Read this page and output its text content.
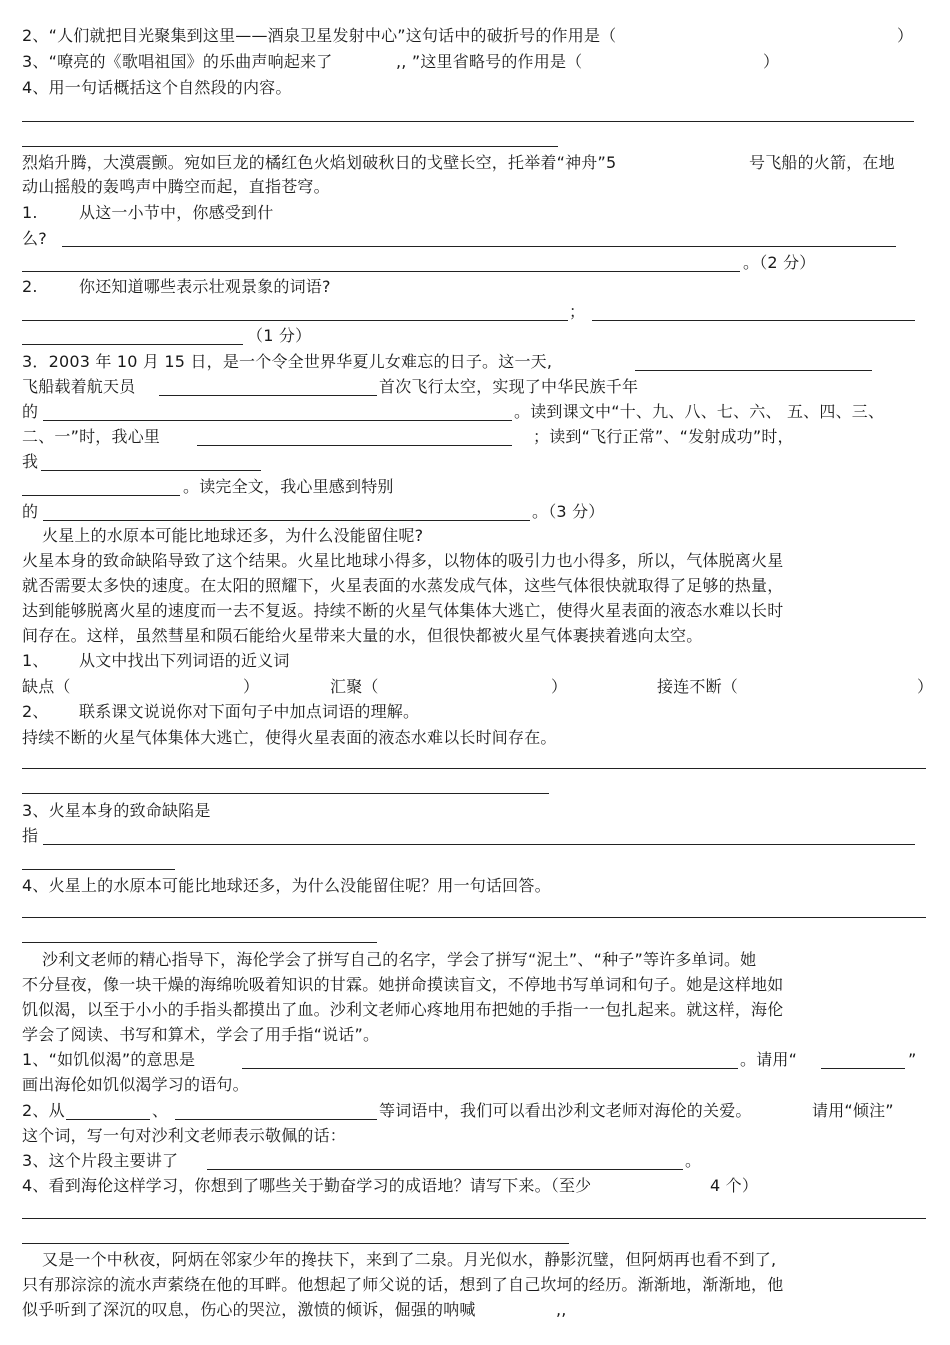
2、“人们就把目光聚集到这里——酒泉卫星发射中心”这句话中的破折号的作用是（	）
3、“嘹亮的《歌唱祖国》的乐曲声响起来了	,, ”这里省略号的作用是（	）
4、用一句话概括这个自然段的内容。
烈焰升腾，大漠震颤。宛如巨龙的橘红色火焰划破秋日的戈壁长空，托举着“神舟”5	号飞船的火箭，在地
动山摇般的轰鸣声中腾空而起，直指苍穹。
1.	从这一小节中，你感受到什
么?
。（2 分）
2.	你还知道哪些表示壮观景象的词语?
；
（1 分）
3．2003 年 10 月 15 日，是一个令全世界华夏儿女难忘的日子。这一天,
飞船载着航天员	首次飞行太空，实现了中华民族千年
的	。读到课文中“十、九、八、七、六、 五、四、三、
二、一”时，我心里	；读到“飞行正常”、“发射成功”时，
我
。读完全文，我心里感到特别
的	。（3 分）
火星上的水原本可能比地球还多，为什么没能留住呢?
火星本身的致命缺陷导致了这个结果。火星比地球小得多，以物体的吸引力也小得多，所以，气体脱离火星
就否需要太多快的速度。在太阳的照耀下，火星表面的水蒸发成气体，这些气体很快就取得了足够的热量，
达到能够脱离火星的速度而一去不复返。持续不断的火星气体集体大逃亡，使得火星表面的液态水难以长时
间存在。这样，虽然彗星和陨石能给火星带来大量的水，但很快都被火星气体裹挟着逃向太空。
1、 从文中找出下列词语的近义词
缺点（	）	汇聚（	）	接连不断（	）
2、 联系课文说说你对下面句子中加点词语的理解。
持续不断的火星气体集体大逃亡，使得火星表面的液态水难以长时间存在。
3、火星本身的致命缺陷是
指
4、火星上的水原本可能比地球还多，为什么没能留住呢？用一句话回答。
沙利文老师的精心指导下，海伦学会了拼写自己的名字，学会了拼写“泥土”、“种子”等许多单词。她
不分昼夜，像一块干燥的海绵吮吸着知识的甘霖。她拼命摸读盲文，不停地书写单词和句子。她是这样地如
饥似渴，以至于小小的手指头都摸出了血。沙利文老师心疼地用布把她的手指一一包扎起来。就这样，海伦
学会了阅读、书写和算术，学会了用手指“说话”。
1、“如饥似渴”的意思是	。请用“	”
画出海伦如饥似渴学习的语句。
2、从	、	等词语中，我们可以看出沙利文老师对海伦的关爱。	请用“倾注”
这个词，写一句对沙利文老师表示敬佩的话：
3、这个片段主要讲了	。
4、看到海伦这样学习，你想到了哪些关于勤奋学习的成语地？请写下来。（至少	4 个）
又是一个中秋夜，阿炳在邻家少年的搀扶下，来到了二泉。月光似水，静影沉璧，但阿炳再也看不到了,
只有那淙淙的流水声萦绕在他的耳畔。他想起了师父说的话，想到了自己坎坷的经历。渐渐地，渐渐地，他
似乎听到了深沉的叹息，伤心的哭泣，激愤的倾诉，倔强的呐喊	,,
